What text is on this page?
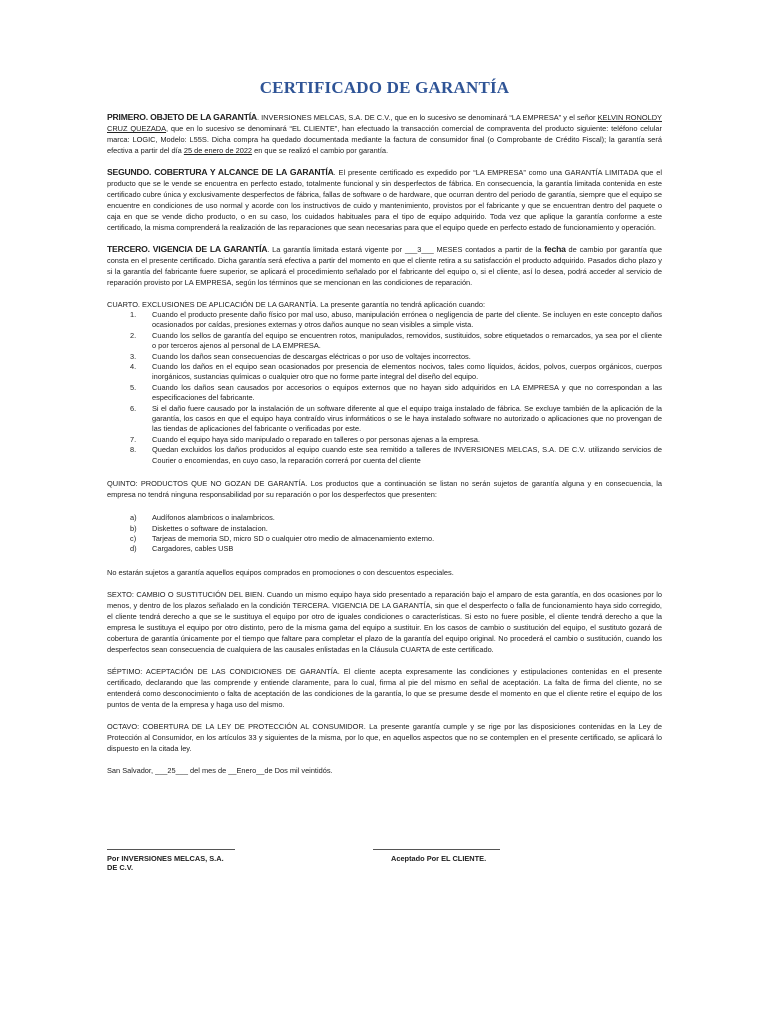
CERTIFICADO DE GARANTÍA

PRIMERO. OBJETO DE LA GARANTÍA. INVERSIONES MELCAS, S.A. DE C.V., que en lo sucesivo se denominará “LA EMPRESA” y el señor KELVIN RONOLDY CRUZ QUEZADA, que en lo sucesivo se denominará “EL CLIENTE”, han efectuado la transacción comercial de compraventa del producto siguiente: teléfono celular marca: LOGIC, Modelo: L55S. Dicha compra ha quedado documentada mediante la factura de consumidor final (o Comprobante de Crédito Fiscal); la garantía será efectiva a partir del día 25 de enero de 2022 en que se realizó el cambio por garantía.

SEGUNDO. COBERTURA Y ALCANCE DE LA GARANTÍA. El presente certificado es expedido por “LA EMPRESA” como una GARANTÍA LIMITADA que el producto que se le vende se encuentra en perfecto estado, totalmente funcional y sin desperfectos de fábrica. En consecuencia, la garantía limitada contenida en este certificado cubre única y exclusivamente desperfectos de fábrica, fallas de software o de hardware, que ocurran dentro del periodo de garantía, siempre que el equipo se encuentre en condiciones de uso normal y acorde con los instructivos de cuido y mantenimiento, provistos por el fabricante y que se encuentran dentro del paquete o caja en que se vende dicho producto, o en su caso, los cuidados habituales para el tipo de equipo adquirido. Toda vez que aplique la garantía conforme a este certificado, la misma comprenderá la realización de las reparaciones que sean necesarias para que el equipo quede en perfecto estado de funcionamiento y operación.

TERCERO. VIGENCIA DE LA GARANTÍA. La garantía limitada estará vigente por ___3___ MESES contados a partir de la fecha de cambio por garantía que consta en el presente certificado. Dicha garantía será efectiva a partir del momento en que el cliente retira a su satisfacción el producto adquirido. Pasados dicho plazo y si la garantía del fabricante fuere superior, se aplicará el procedimiento señalado por el fabricante del equipo o, si el cliente, así lo desea, podrá acceder al servicio de reparación provisto por LA EMPRESA, según los términos que se mencionan en las condiciones de reparación.

CUARTO. EXCLUSIONES DE APLICACIÓN DE LA GARANTÍA. La presente garantía no tendrá aplicación cuando:

1. Cuando el producto presente daño físico por mal uso, abuso, manipulación errónea o negligencia de parte del cliente. Se incluyen en este concepto daños ocasionados por caídas, presiones externas y otros daños aunque no sean visibles a simple vista.
2. Cuando los sellos de garantía del equipo se encuentren rotos, manipulados, removidos, sustituidos, sobre etiquetados o remarcados, ya sea por el cliente o por terceros ajenos al personal de LA EMPRESA.
3. Cuando los daños sean consecuencias de descargas eléctricas o por uso de voltajes incorrectos.
4. Cuando los daños en el equipo sean ocasionados por presencia de elementos nocivos, tales como líquidos, ácidos, polvos, cuerpos orgánicos, cuerpos inorgánicos, sustancias químicas o cualquier otro que no forme parte integral del diseño del equipo.
5. Cuando los daños sean causados por accesorios o equipos externos que no hayan sido adquiridos en LA EMPRESA y que no correspondan a las especificaciones del fabricante.
6. Si el daño fuere causado por la instalación de un software diferente al que el equipo traiga instalado de fábrica. Se excluye también de la aplicación de la garantía, los casos en que el equipo haya contraído virus informáticos o se le haya instalado software no autorizado o aplicaciones que no provengan de las tiendas de aplicaciones del fabricante o verificadas por este.
7. Cuando el equipo haya sido manipulado o reparado en talleres o por personas ajenas a la empresa.
8. Quedan excluidos los daños producidos al equipo cuando este sea remitido a talleres de INVERSIONES MELCAS, S.A. DE C.V. utilizando servicios de Courier o encomiendas, en cuyo caso, la reparación correrá por cuenta del cliente

QUINTO: PRODUCTOS QUE NO GOZAN DE GARANTÍA. Los productos que a continuación se listan no serán sujetos de garantía alguna y en consecuencia, la empresa no tendrá ninguna responsabilidad por su reparación o por los desperfectos que presenten:

a) Audífonos alambricos o inalambricos.
b) Diskettes o software de instalacion.
c) Tarjeas de memoria SD, micro SD o cualquier otro medio de almacenamiento externo.
d) Cargadores, cables USB

No estarán sujetos a garantía aquellos equipos comprados en promociones o con descuentos especiales.

SEXTO: CAMBIO O SUSTITUCIÓN DEL BIEN. Cuando un mismo equipo haya sido presentado a reparación bajo el amparo de esta garantía, en dos ocasiones por lo menos, y dentro de los plazos señalado en la condición TERCERA. VIGENCIA DE LA GARANTÍA, sin que el desperfecto o falla de funcionamiento haya sido corregido, el cliente tendrá derecho a que se le sustituya el equipo por otro de iguales condiciones o características. Si esto no fuere posible, el cliente tendrá derecho a que la empresa le sustituya el equipo por otro distinto, pero de la misma gama del equipo a sustituir. En los casos de cambio o sustitución del equipo, el sustituto gozará de cobertura de garantía únicamente por el tiempo que faltare para completar el plazo de la garantía del equipo original. No procederá el cambio o sustitución, cuando los desperfectos sean consecuencia de cualquiera de las causales enlistadas en la Cláusula CUARTA de este certificado.

SÉPTIMO: ACEPTACIÓN DE LAS CONDICIONES DE GARANTÍA. El cliente acepta expresamente las condiciones y estipulaciones contenidas en el presente certificado, declarando que las comprende y entiende claramente, para lo cual, firma al pie del mismo en señal de aceptación. La falta de firma del cliente, no se entenderá como desconocimiento o falta de aceptación de las condiciones de la garantía, lo que se presume desde el momento en que el cliente retire el equipo de los puntos de venta de la empresa y haga uso del mismo.

OCTAVO: COBERTURA DE LA LEY DE PROTECCIÓN AL CONSUMIDOR. La presente garantía cumple y se rige por las disposiciones contenidas en la Ley de Protección al Consumidor, en los artículos 33 y siguientes de la misma, por lo que, en aquellos aspectos que no se contemplen en el presente certificado, se aplicará lo dispuesto en la citada ley.

San Salvador, ___25___ del mes de __Enero__de Dos mil veintidós.

Por INVERSIONES MELCAS, S.A. DE C.V.
Aceptado Por EL CLIENTE.
